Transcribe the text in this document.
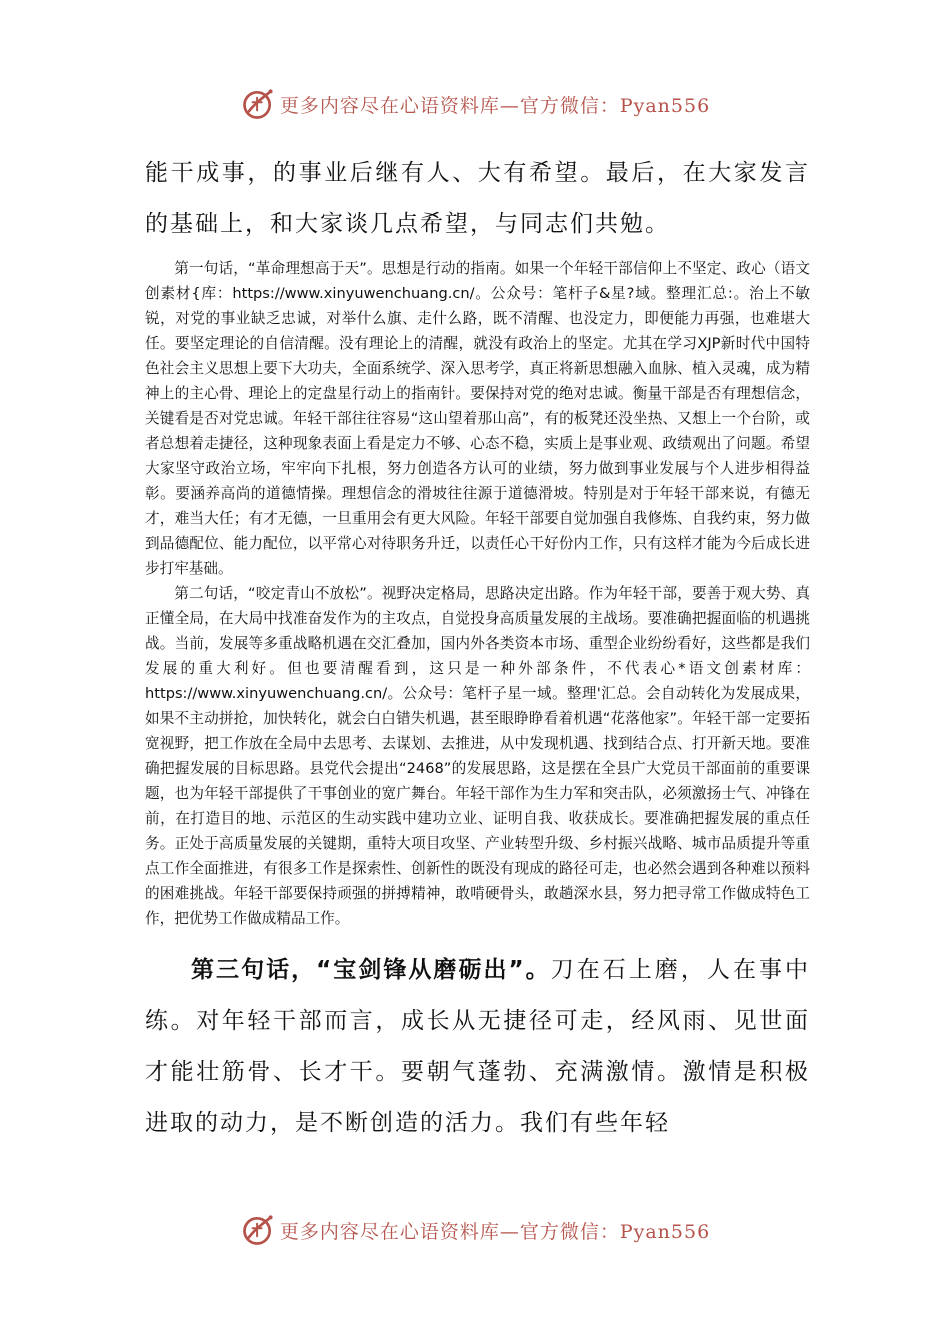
更多内容尽在心语资料库—官方微信：Pyan556

能干成事，的事业后继有人、大有希望。最后，在大家发言的基础上，和大家谈几点希望，与同志们共勉。

第一句话，“革命理想高于天”。思想是行动的指南。如果一个年轻干部信仰上不坚定、政心（语文创素材{库：https://www.xinyuwenchuang.cn/。公众号：笔杆子&星?域。整理汇总:。治上不敏锐，对党的事业缺乏忠诚，对举什么旗、走什么路，既不清醒、也没定力，即便能力再强，也难堪大任。要坚定理论的自信清醒。没有理论上的清醒，就没有政治上的坚定。尤其在学习XJP新时代中国特色社会主义思想上要下大功夫，全面系统学、深入思考学，真正将新思想融入血脉、植入灵魂，成为精神上的主心骨、理论上的定盘星行动上的指南针。要保持对党的绝对忠诚。衡量干部是否有理想信念，关键看是否对党忠诚。年轻干部往往容易“这山望着那山高”，有的板凳还没坐热、又想上一个台阶，或者总想着走捷径，这种现象表面上看是定力不够、心态不稳，实质上是事业观、政绩观出了问题。希望大家坚守政治立场，牢牢向下扎根，努力创造各方认可的业绩，努力做到事业发展与个人进步相得益彰。要涵养高尚的道德情操。理想信念的滑坡往往源于道德滑坡。特别是对于年轻干部来说，有德无才，难当大任；有才无德，一旦重用会有更大风险。年轻干部要自觉加强自我修炼、自我约束，努力做到品德配位、能力配位，以平常心对待职务升迁，以责任心干好份内工作，只有这样才能为今后成长进步打牢基础。

第二句话，“咬定青山不放松”。视野决定格局，思路决定出路。作为年轻干部，要善于观大势、真正懂全局，在大局中找准奋发作为的主攻点，自觉投身高质量发展的主战场。要准确把握面临的机遇挑战。当前，发展等多重战略机遇在交汇叠加，国内外各类资本市场、重型企业纷纷看好，这些都是我们发展的重大利好。但也要清醒看到，这只是一种外部条件，不代表心*语文创素材库：https://www.xinyuwenchuang.cn/。公众号：笔杆子星一域。整理'汇总。会自动转化为发展成果，如果不主动拼抢，加快转化，就会白白错失机遇，甚至眼睁睁看着机遇“花落他家”。年轻干部一定要拓宽视野，把工作放在全局中去思考、去谋划、去推进，从中发现机遇、找到结合点、打开新天地。要准确把握发展的目标思路。县党代会提出“2468”的发展思路，这是摆在全县广大党员干部面前的重要课题，也为年轻干部提供了干事创业的宽广舞台。年轻干部作为生力军和突击队，必须激扬士气、冲锋在前，在打造目的地、示范区的生动实践中建功立业、证明自我、收获成长。要准确把握发展的重点任务。正处于高质量发展的关键期，重特大项目攻坚、产业转型升级、乡村振兴战略、城市品质提升等重点工作全面推进，有很多工作是探索性、创新性的既没有现成的路径可走，也必然会遇到各种难以预料的困难挑战。年轻干部要保持顽强的拼搏精神，敢啃硬骨头，敢趟深水县，努力把寻常工作做成特色工作，把优势工作做成精品工作。

第三句话，“宝剑锋从磨砺出”。刀在石上磨，人在事中练。对年轻干部而言，成长从无捷径可走，经风雨、见世面才能壮筋骨、长才干。要朝气蓬勃、充满激情。激情是积极进取的动力，是不断创造的活力。我们有些年轻

更多内容尽在心语资料库—官方微信：Pyan556
